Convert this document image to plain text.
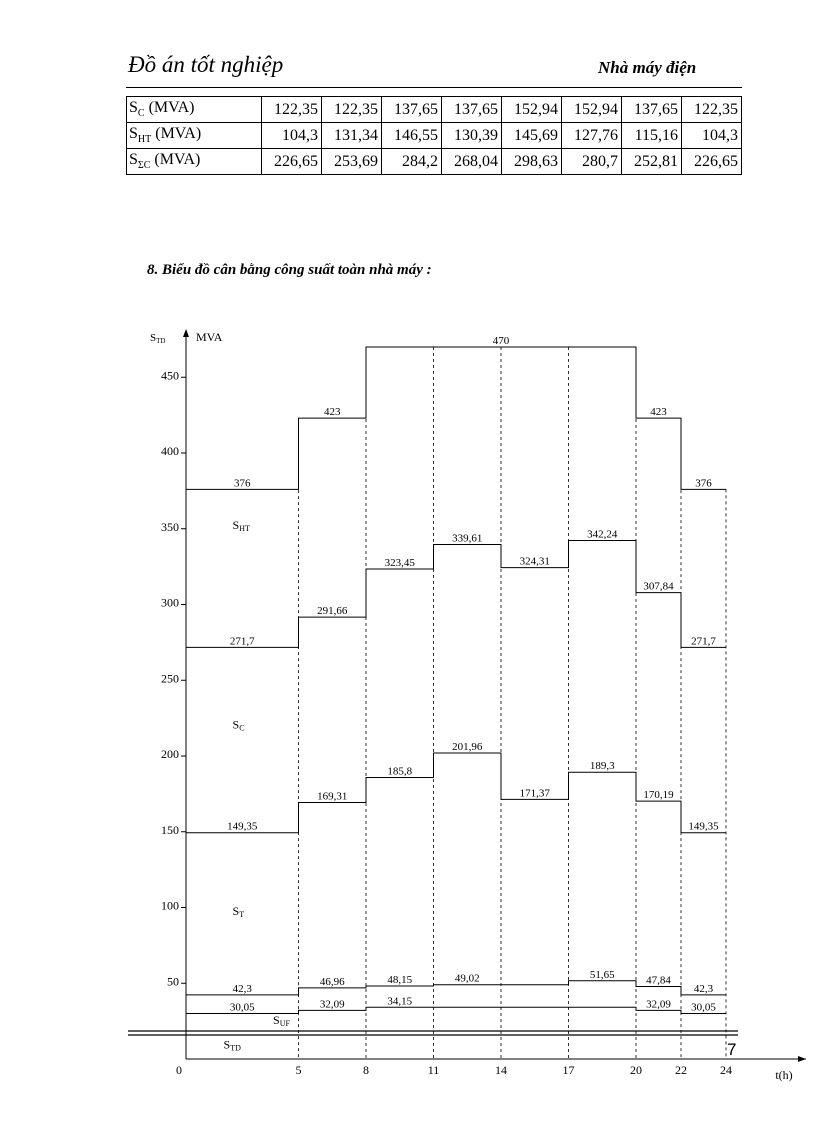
Đồ án tốt nghiệp	Nhà máy điện
$S_C$ (MVA)	122,35	122,35	137,65	137,65	152,94	152,94	137,65	122,35
$S_{HT}$ (MVA)	104,3	131,34	146,55	130,39	145,69	127,76	115,16	104,3
$S_{\Sigma C}$ (MVA)	226,65	253,69	284,2	268,04	298,63	280,7	252,81	226,65
8. Biểu đồ cân bằng công suất toàn nhà máy :
STD	MVA
50
100
150
200
250
300
350
400
450
0	5	8	11	14	17	20	22	24	t(h)
30,05	32,09	34,15	32,09 30,05
42,3
46,96	48,15	49,02	51,65	47,84
42,3
149,35
169,31
185,8
201,96
171,37
189,3
170,19
149,35
271,7
291,66
323,45
339,61
324,31
342,24
307,84
271,7
376
423
470
423
376
SHT
SC
ST
SUF
STD	7
